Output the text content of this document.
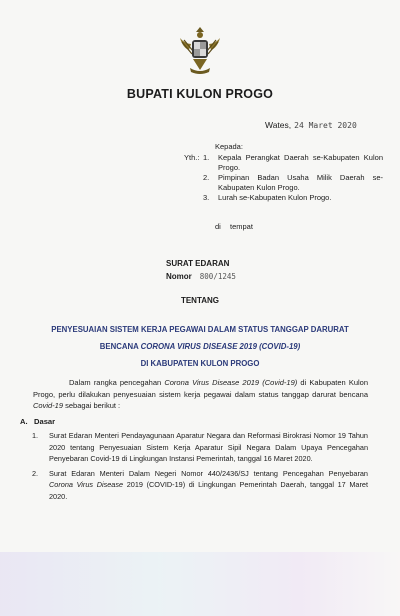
BUPATI KULON PROGO
Wates, 24 Maret 2020
Kepada:
Yth.: 1. Kepala Perangkat Daerah se-Kabupaten Kulon Progo.
2. Pimpinan Badan Usaha Milik Daerah se-Kabupaten Kulon Progo.
3. Lurah se-Kabupaten Kulon Progo.
di tempat
SURAT EDARAN
Nomor 800/1245
TENTANG
PENYESUAIAN SISTEM KERJA PEGAWAI DALAM STATUS TANGGAP DARURAT
BENCANA CORONA VIRUS DISEASE 2019 (COVID-19)
DI KABUPATEN KULON PROGO
Dalam rangka pencegahan Corona Virus Disease 2019 (Covid-19) di Kabupaten Kulon Progo, perlu dilakukan penyesuaian sistem kerja pegawai dalam status tanggap darurat bencana Covid-19 sebagai berikut :
A. Dasar
1. Surat Edaran Menteri Pendayagunaan Aparatur Negara dan Reformasi Birokrasi Nomor 19 Tahun 2020 tentang Penyesuaian Sistem Kerja Aparatur Sipil Negara Dalam Upaya Pencegahan Penyebaran Covid-19 di Lingkungan Instansi Pemerintah, tanggal 16 Maret 2020.
2. Surat Edaran Menteri Dalam Negeri Nomor 440/2436/SJ tentang Pencegahan Penyebaran Corona Virus Disease 2019 (COVID-19) di Lingkungan Pemerintah Daerah, tanggal 17 Maret 2020.
